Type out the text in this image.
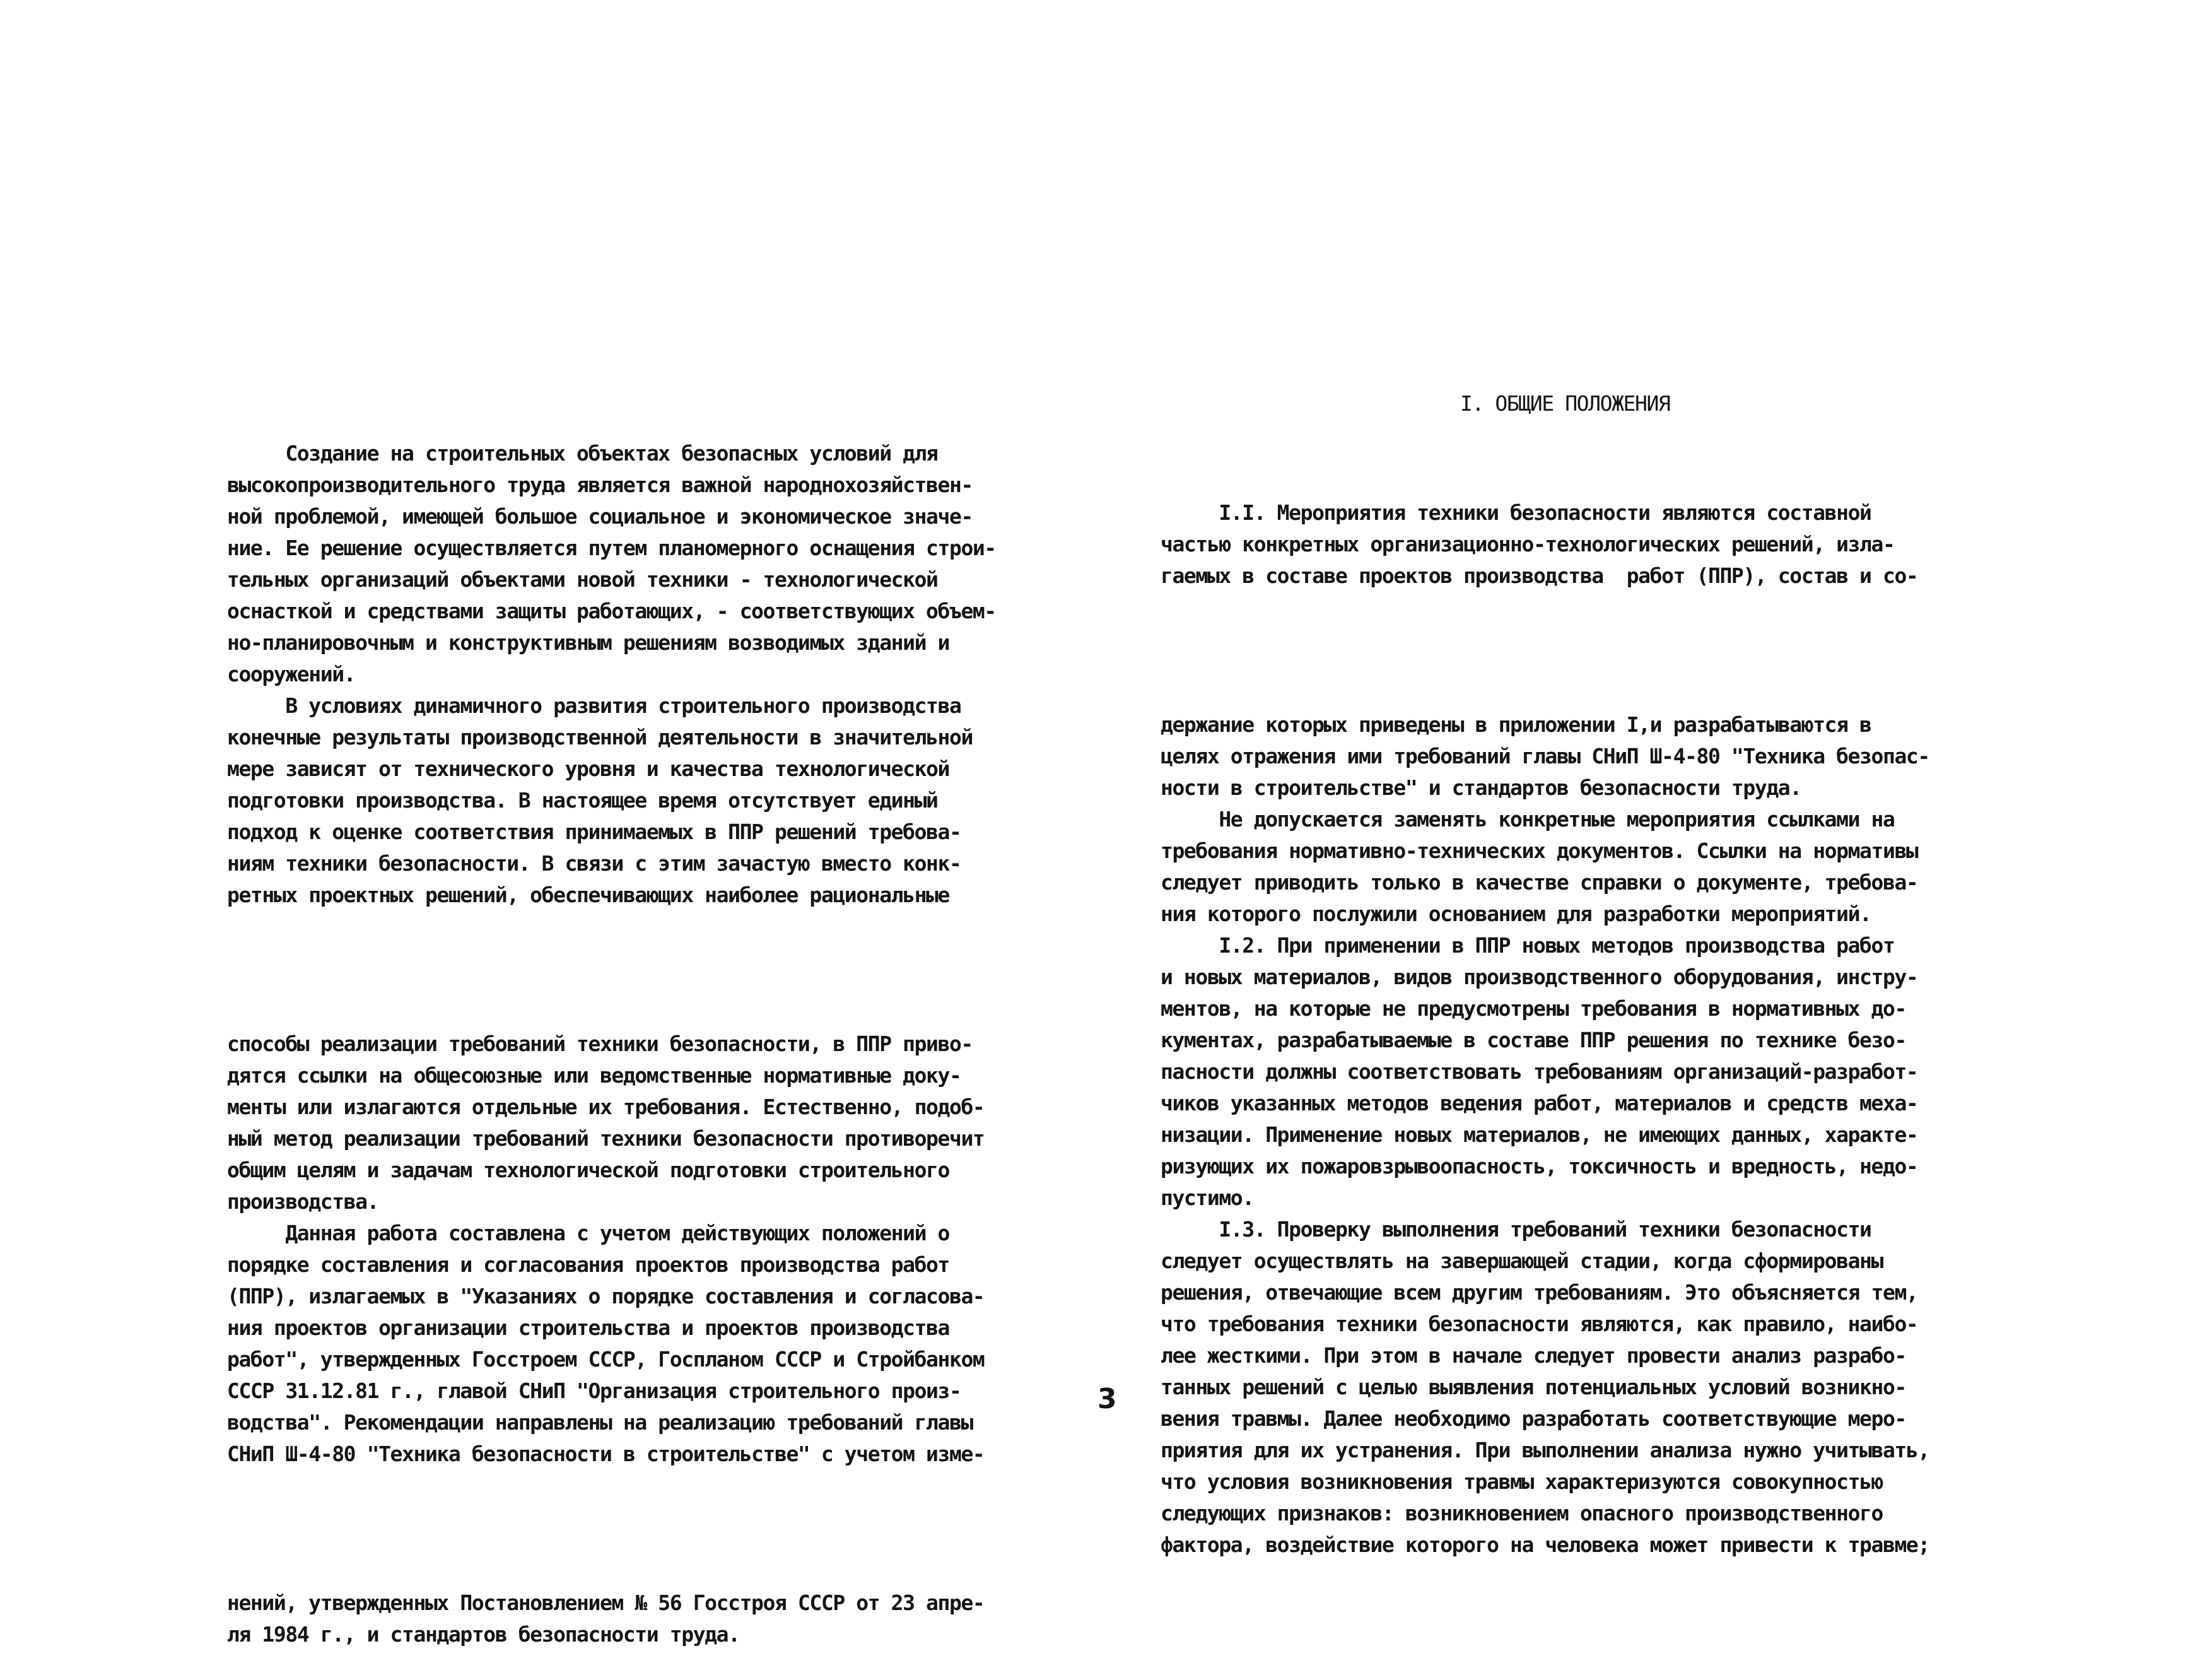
Создание на строительных объектах безопасных условий для
высокопроизводительного труда является важной народнохозяйствен-
ной проблемой, имеющей большое социальное и экономическое значе-
ние. Ее решение осуществляется путем планомерного оснащения строи-
тельных организаций объектами новой техники - технологической
оснасткой и средствами защиты работающих, - соответствующих объем-
но-планировочным и конструктивным решениям возводимых зданий и
сооружений.
В условиях динамичного развития строительного производства
конечные результаты производственной деятельности в значительной
мере зависят от технического уровня и качества технологической
подготовки производства. В настоящее время отсутствует единый
подход к оценке соответствия принимаемых в ППР решений требова-
ниям техники безопасности. В связи с этим зачастую вместо конк-
ретных проектных решений, обеспечивающих наиболее рациональные

способы реализации требований техники безопасности, в ППР приво-
дятся ссылки на общесоюзные или ведомственные нормативные доку-
менты или излагаются отдельные их требования. Естественно, подоб-
ный метод реализации требований техники безопасности противоречит
общим целям и задачам технологической подготовки строительного
производства.
Данная работа составлена с учетом действующих положений о
порядке составления и согласования проектов производства работ
(ППР), излагаемых в "Указаниях о порядке составления и согласова-
ния проектов организации строительства и проектов производства
работ", утвержденных Госстроем СССР, Госпланом СССР и Стройбанком
СССР 31.12.81 г., главой СНиП "Организация строительного произ-
водства". Рекомендации направлены на реализацию требований главы
СНиП Ш-4-80 "Техника безопасности в строительстве" с учетом изме-

нений, утвержденных Постановлением № 56 Госстроя СССР от 23 апре-
ля 1984 г., и стандартов безопасности труда.

I. ОБЩИЕ ПОЛОЖЕНИЯ

I.I. Мероприятия техники безопасности являются составной
частью конкретных организационно-технологических решений, изла-
гаемых в составе проектов производства  работ (ППР), состав и со-

держание которых приведены в приложении I,и разрабатываются в
целях отражения ими требований главы СНиП Ш-4-80 "Техника безопас-
ности в строительстве" и стандартов безопасности труда.
Не допускается заменять конкретные мероприятия ссылками на
требования нормативно-технических документов. Ссылки на нормативы
следует приводить только в качестве справки о документе, требова-
ния которого послужили основанием для разработки мероприятий.
I.2. При применении в ППР новых методов производства работ
и новых материалов, видов производственного оборудования, инстру-
ментов, на которые не предусмотрены требования в нормативных до-
кументах, разрабатываемые в составе ППР решения по технике безо-
пасности должны соответствовать требованиям организаций-разработ-
чиков указанных методов ведения работ, материалов и средств меха-
низации. Применение новых материалов, не имеющих данных, характе-
ризующих их пожаровзрывоопасность, токсичность и вредность, недо-
пустимо.
I.3. Проверку выполнения требований техники безопасности
следует осуществлять на завершающей стадии, когда сформированы
решения, отвечающие всем другим требованиям. Это объясняется тем,
что требования техники безопасности являются, как правило, наибо-
лее жесткими. При этом в начале следует провести анализ разрабо-
танных решений с целью выявления потенциальных условий возникно-
вения травмы. Далее необходимо разработать соответствующие меро-
приятия для их устранения. При выполнении анализа нужно учитывать,
что условия возникновения травмы характеризуются совокупностью
следующих признаков: возникновением опасного производственного
фактора, воздействие которого на человека может привести к травме;

3
